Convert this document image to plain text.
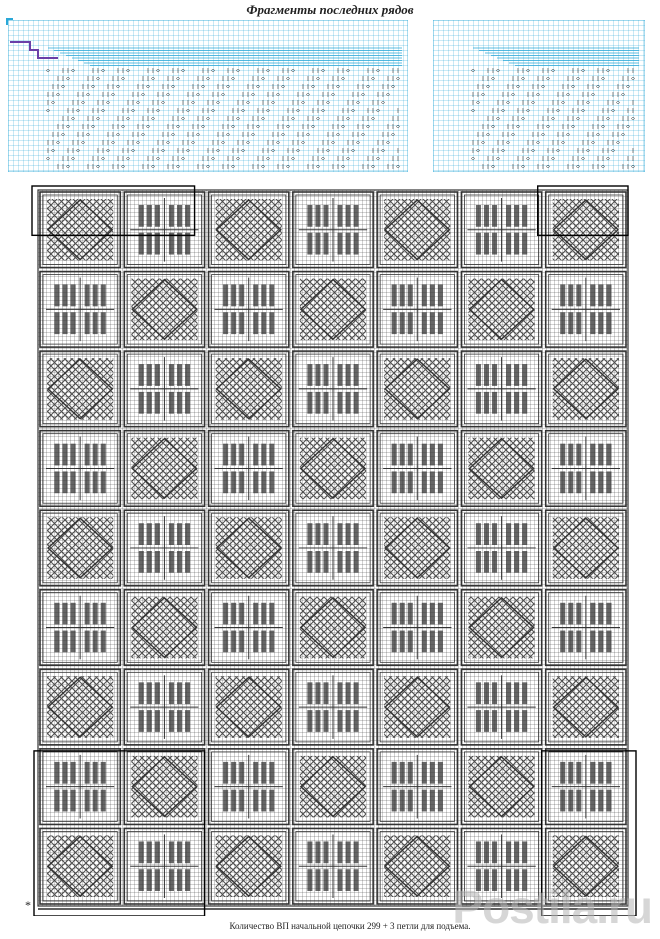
Фрагменты последних рядов
*
Количество ВП начальной цепочки 299 + 3 петли для подъема.
Postila.ru
